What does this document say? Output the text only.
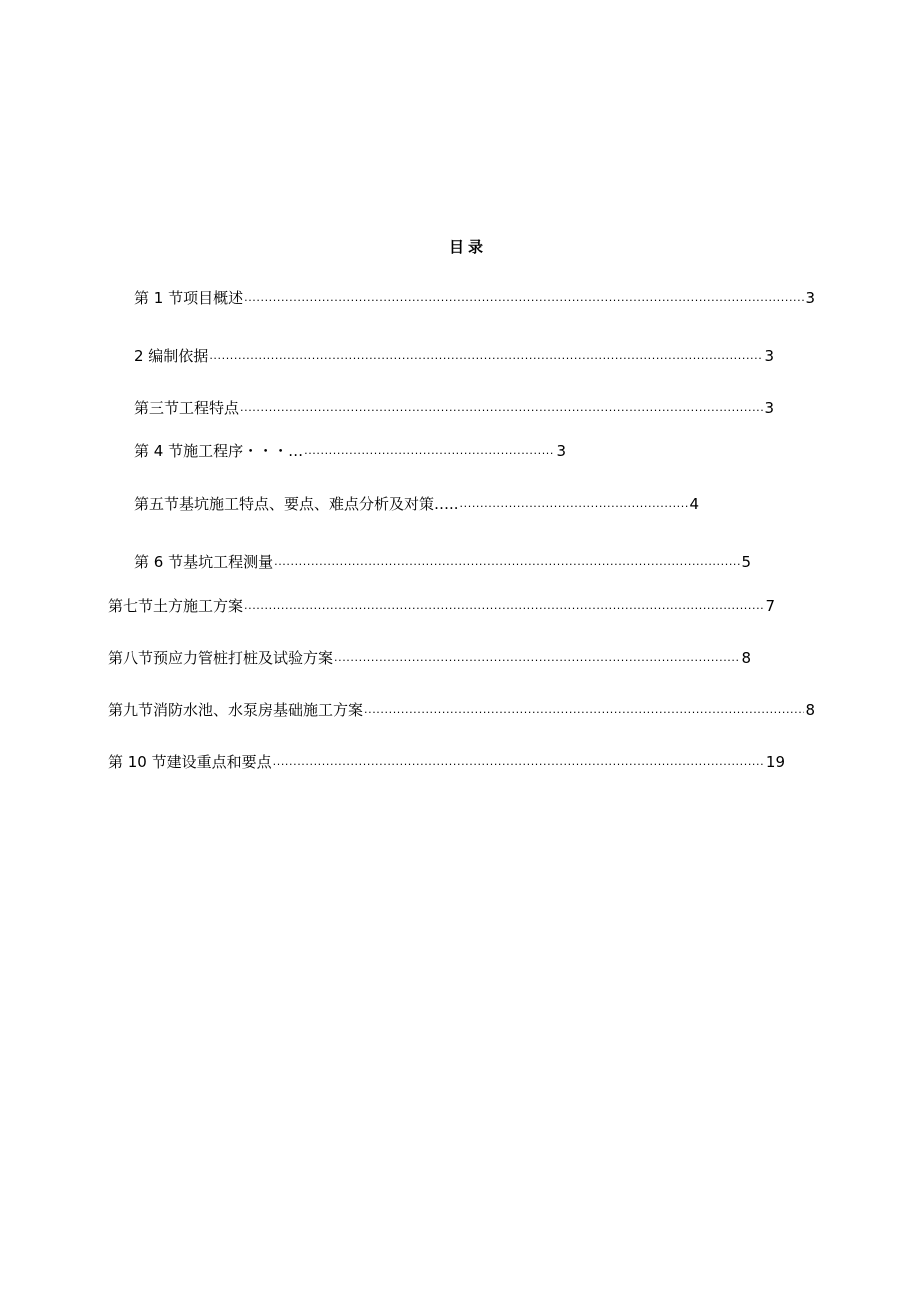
目录
第 1 节项目概述 .....	3
2 编制依据 .....	3
第三节工程特点 .....	3
第 4 节施工程序・・・… .....	3
第五节基坑施工特点、要点、难点分析及对策….. .....	4
第 6 节基坑工程测量 .....	5
第七节土方施工方案 .....	7
第八节预应力管桩打桩及试验方案 .....	8
第九节消防水池、水泵房基础施工方案 .....	8
第 10 节建设重点和要点 .....	19
